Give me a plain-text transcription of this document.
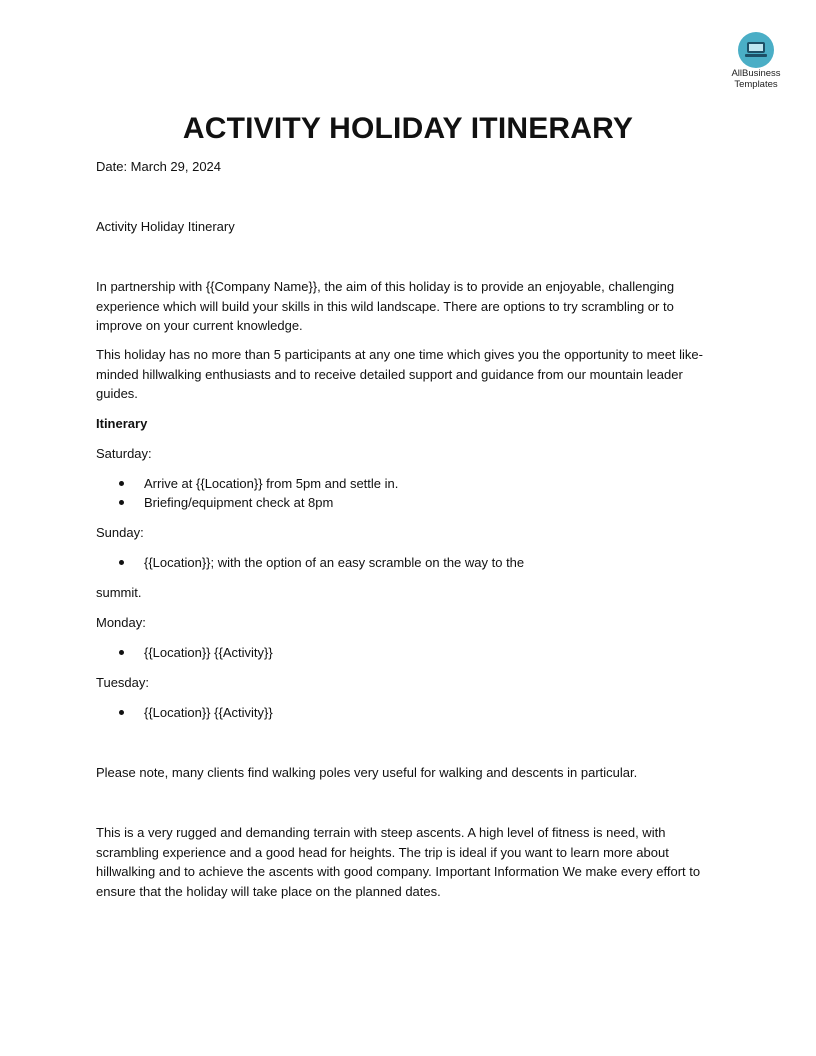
AllBusiness
Templates
ACTIVITY HOLIDAY ITINERARY

Date: March 29, 2024

Activity Holiday Itinerary

In partnership with {{Company Name}}, the aim of this holiday is to provide an enjoyable, challenging experience which will build your skills in this wild landscape. There are options to try scrambling or to improve on your current knowledge.

This holiday has no more than 5 participants at any one time which gives you the opportunity to meet like-minded hillwalking enthusiasts and to receive detailed support and guidance from our mountain leader guides.

Itinerary

Saturday:

Arrive at {{Location}} from 5pm and settle in.
Briefing/equipment check at 8pm

Sunday:

{{Location}}; with the option of an easy scramble on the way to the

summit.

Monday:

{{Location}} {{Activity}}

Tuesday:

{{Location}} {{Activity}}

Please note, many clients find walking poles very useful for walking and descents in particular.

This is a very rugged and demanding terrain with steep ascents. A high level of fitness is need, with scrambling experience and a good head for heights. The trip is ideal if you want to learn more about hillwalking and to achieve the ascents with good company. Important Information We make every effort to ensure that the holiday will take place on the planned dates.
